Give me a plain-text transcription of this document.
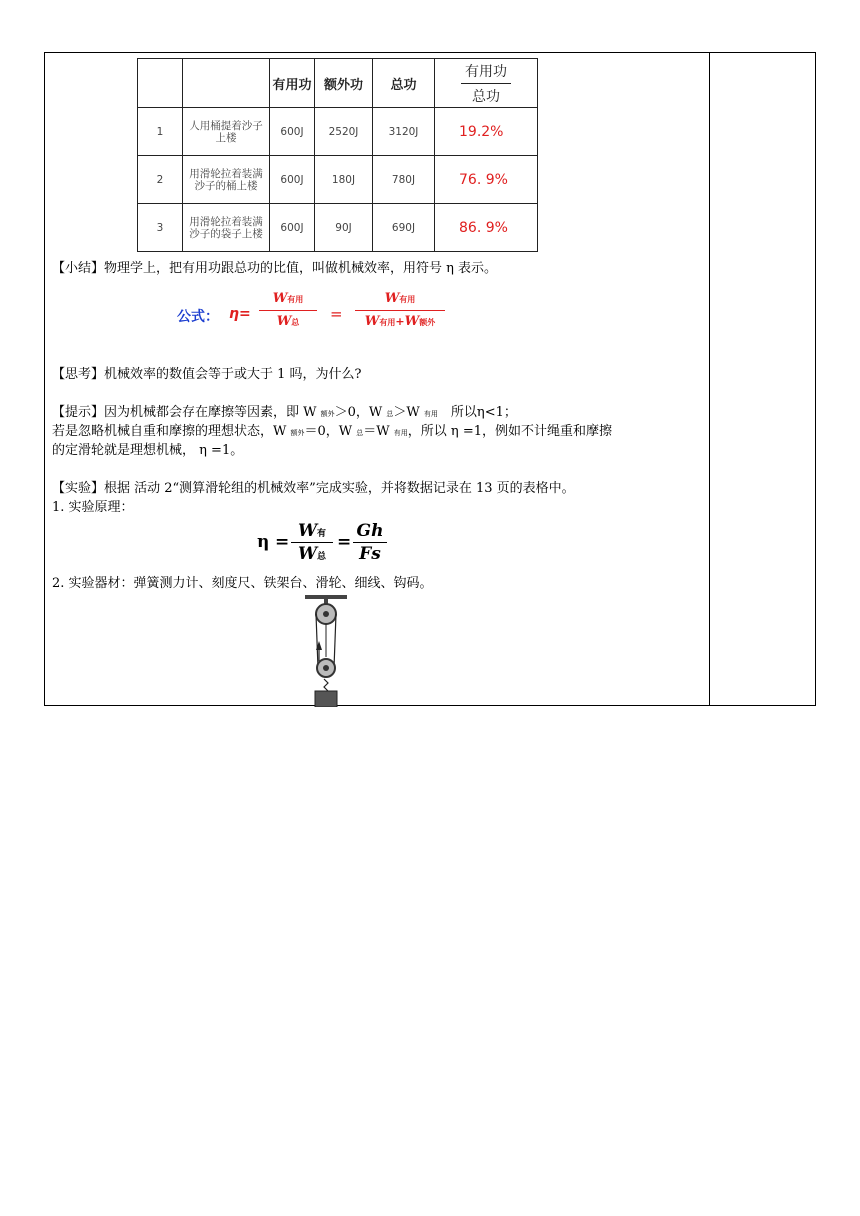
		有用功	额外功	总功	$\frac{\text{有用功}}{\text{总功}}$

1	人用桶提着沙子上楼	600J	2520J	3120J	19.2%
2	用滑轮拉着装满沙子的桶上楼	600J	180J	780J	76. 9%
3	用滑轮拉着装满沙子的袋子上楼	600J	90J	690J	86. 9%
【小结】物理学上，把有用功跟总功的比值，叫做机械效率，用符号 η 表示。
公式： η=
W有用
W总	=
W有用
W有用+W额外
【思考】机械效率的数值会等于或大于 1 吗，为什么?
【提示】因为机械都会存在摩擦等因素，即 W 额外＞0，W 总＞W 有用　所以η<1；
若是忽略机械自重和摩擦的理想状态，W 额外＝0，W 总＝W 有用，所以 η =1，例如不计绳重和摩擦
的定滑轮就是理想机械， η =1。
【实验】根据 活动 2“测算滑轮组的机械效率”完成实验，并将数据记录在 13 页的表格中。
1. 实验原理：
η =
W有
W总
=
Gh
Fs
2. 实验器材：弹簧测力计、刻度尺、铁架台、滑轮、细线、钩码。
